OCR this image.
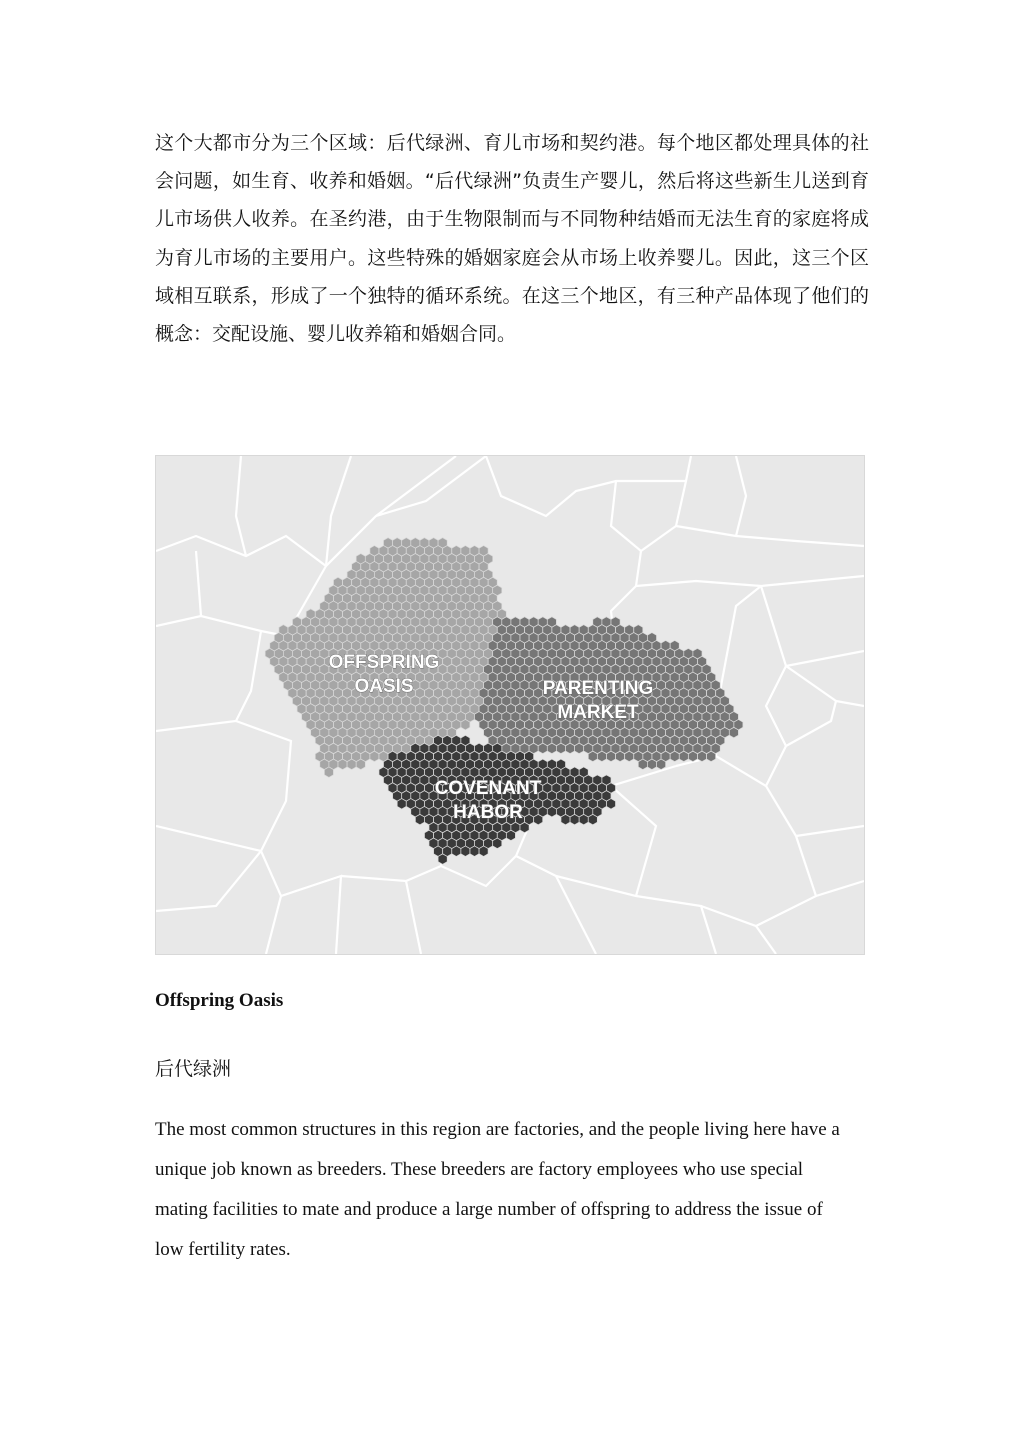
这个大都市分为三个区域：后代绿洲、育儿市场和契约港。每个地区都处理具体的社会问题，如生育、收养和婚姻。“后代绿洲”负责生产婴儿，然后将这些新生儿送到育儿市场供人收养。在圣约港，由于生物限制而与不同物种结婚而无法生育的家庭将成为育儿市场的主要用户。这些特殊的婚姻家庭会从市场上收养婴儿。因此，这三个区域相互联系，形成了一个独特的循环系统。在这三个地区，有三种产品体现了他们的概念：交配设施、婴儿收养箱和婚姻合同。

OFFSPRING
OASIS	PARENTING
MARKET
COVENANT
HABOR
Offspring Oasis

后代绿洲

The most common structures in this region are factories, and the people living here have a unique job known as breeders. These breeders are factory employees who use special mating facilities to mate and produce a large number of offspring to address the issue of low fertility rates.
